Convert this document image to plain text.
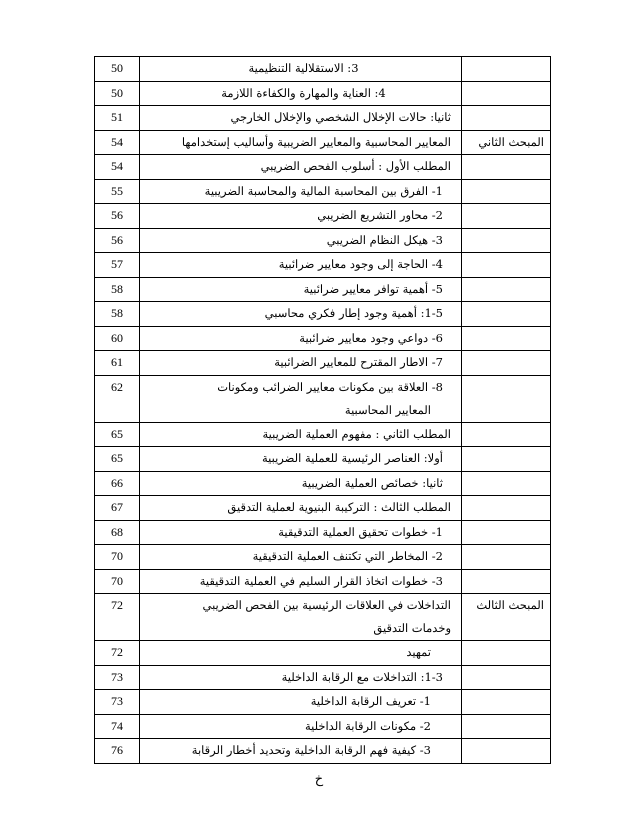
50	3: الاستقلالية التنظيمية	
50	4: العناية والمهارة والكفاءة اللازمة	
51	ثانيا: حالات الإخلال الشخصي والإخلال الخارجي	
54	المعايير المحاسبية والمعايير الضريبية وأساليب إستخدامها	المبحث الثاني
54	المطلب الأول : أسلوب الفحص الضريبي	
55	1- الفرق بين المحاسبة المالية والمحاسبة الضريبية	
56	2- محاور التشريع الضريبي	
56	3- هيكل النظام الضريبي	
57	4- الحاجة إلى وجود معايير ضرائبية	
58	5- أهمية توافر معايير ضرائبية	
58	1-5: أهمية وجود إطار فكري محاسبي	
60	6- دواعي وجود معايير ضرائبية	
61	7- الاطار المقترح للمعايير الضرائبية	
62	8- العلاقة بين مكونات معايير الضرائب ومكونات
المعايير المحاسبية	

65	المطلب الثاني : مفهوم العملية الضريبية	
65	أولا: العناصر الرئيسية للعملية الضريبية	
66	ثانيا: خصائص العملية الضريبية	
67	المطلب الثالث : التركيبة البنيوية لعملية التدقيق	
68	1- خطوات تحقيق العملية التدقيقية	
70	2- المخاطر التي تكتنف العملية التدقيقية	
70	3- خطوات اتخاذ القرار السليم في العملية التدقيقية	
72	التداخلات في العلاقات الرئيسية بين الفحص الضريبي
وخدمات التدقيق	المبحث الثالث
72	تمهيد	
73	1-3: التداخلات مع الرقابة الداخلية	
73	1- تعريف الرقابة الداخلية	
74	2- مكونات الرقابة الداخلية	
76	3- كيفية فهم الرقابة الداخلية وتحديد أخطار الرقابة	
خ
